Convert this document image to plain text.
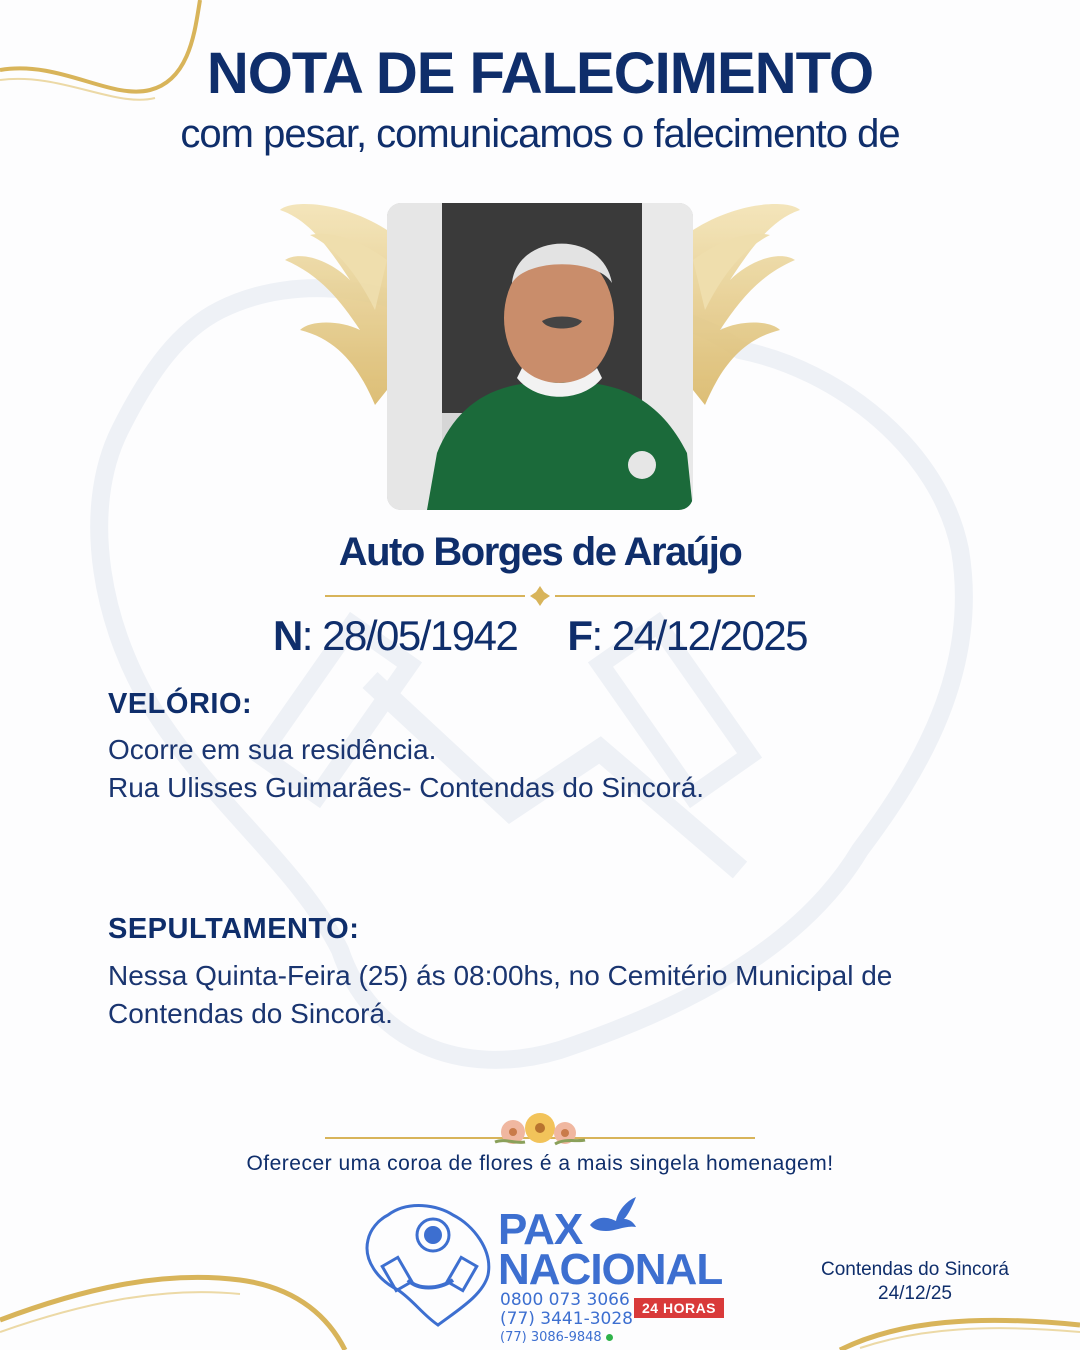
NOTA DE FALECIMENTO
com pesar, comunicamos o falecimento de
Auto Borges de Araújo
N: 28/05/1942 F: 24/12/2025
VELÓRIO:
Ocorre em sua residência.
Rua Ulisses Guimarães- Contendas do Sincorá.
SEPULTAMENTO:
Nessa Quinta-Feira (25) ás 08:00hs, no Cemitério Municipal de
Contendas do Sincorá.
Oferecer uma coroa de flores é a mais singela homenagem!
PAX
NACIONAL
0800 073 3066
(77) 3441-3028
(77) 3086-9848
24 HORAS
Contendas do Sincorá
24/12/25
